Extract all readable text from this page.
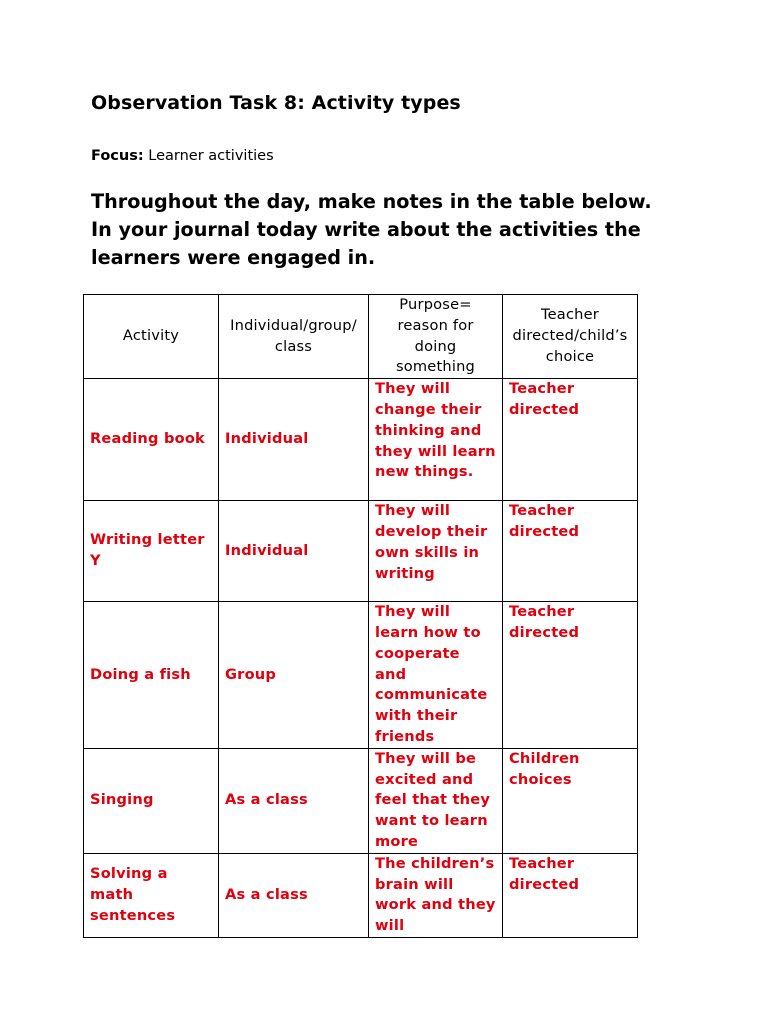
Observation Task 8: Activity types
Focus: Learner activities
Throughout the day, make notes in the table below.
In your journal today write about the activities the
learners were engaged in.
Activity	Individual/group/class	Purpose= reason for doing something	Teacher directed/child’s choice
Reading book	Individual	They will change their thinking and they will learn new things.	Teacher directed
Writing letter Y	Individual	They will develop their own skills in writing	Teacher directed
Doing a fish	Group	They will learn how to cooperate and communicate with their friends	Teacher directed
Singing	As a class	They will be excited and feel that they want to learn more	Children choices
Solving a math sentences	As a class	The children’s brain will work and they will	Teacher directed
